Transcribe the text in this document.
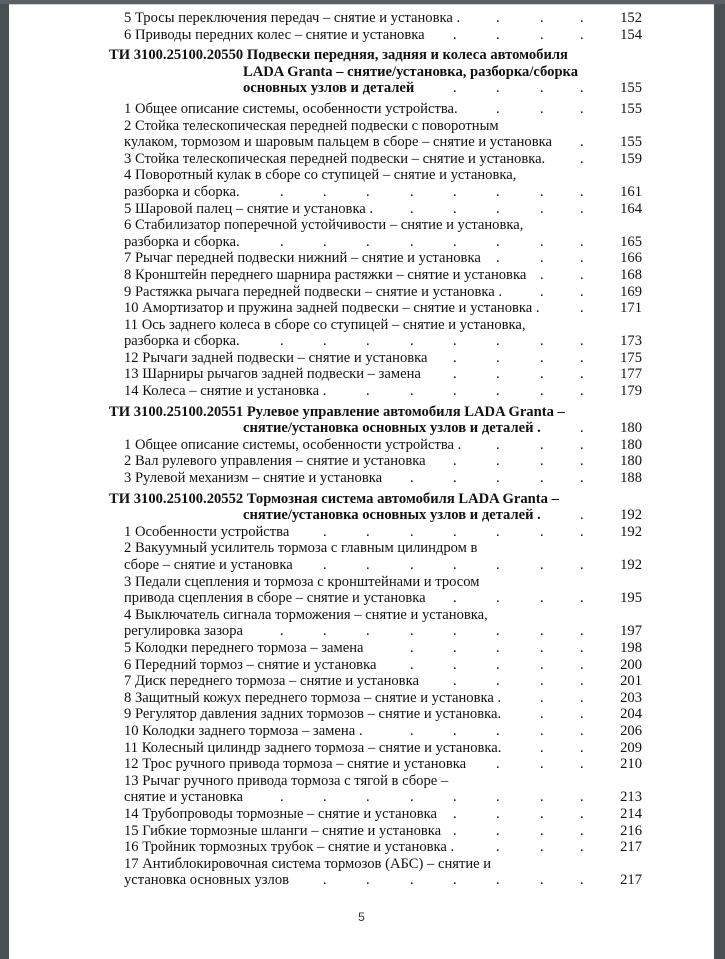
5 Тросы переключения передач – снятие и установка . .	. . 152
6 Приводы передних колес – снятие и установка .	.	. . 154
ТИ 3100.25100.20550 Подвески передняя, задняя и колеса автомобиля
LADA Granta – снятие/установка, разборка/сборка
основных узлов и деталей	.	.	. . 155
1 Общее описание системы, особенности устройства.	.	. . 155
2 Стойка телескопическая передней подвески с поворотным
кулаком, тормозом и шаровым пальцем в сборе – снятие и установка . 155
3 Стойка телескопическая передней подвески – снятие и установка. . 159
4 Поворотный кулак в сборе со ступицей – снятие и установка,
разборка и сборка.	.	.	.	.	.	.	. . 161
5 Шаровой палец – снятие и установка .	.	.	.	. . 164
6 Стабилизатор поперечной устойчивости – снятие и установка,
разборка и сборка.	.	.	.	.	.	.	. . 165
7 Рычаг передней подвески нижний – снятие и установка .	. . 166
8 Кронштейн переднего шарнира растяжки – снятие и установка . . 168
9 Растяжка рычага передней подвески – снятие и установка .	. . 169
10 Амортизатор и пружина задней подвески – снятие и установка .	. 171
11 Ось заднего колеса в сборе со ступицей – снятие и установка,
разборка и сборка.	.	.	.	.	.	.	. . 173
12 Рычаги задней подвески – снятие и установка .	.	. . 175
13 Шарниры рычагов задней подвески – замена .	.	. . 177
14 Колеса – снятие и установка .	.	.	.	.	. . 179
ТИ 3100.25100.20551 Рулевое управление автомобиля LADA Granta –
снятие/установка основных узлов и деталей .	. 180
1 Общее описание системы, особенности устройства . .	. . 180
2 Вал рулевого управления – снятие и установка .	.	. . 180
3 Рулевой механизм – снятие и установка .	.	.	. . 188
ТИ 3100.25100.20552 Тормозная система автомобиля LADA Granta –
снятие/установка основных узлов и деталей .	. 192
1 Особенности устройства .	.	.	.	.	. . 192
2 Вакуумный усилитель тормоза с главным цилиндром в
сборе – снятие и установка .	.	.	.	.	. . 192
3 Педали сцепления и тормоза с кронштейнами и тросом
привода сцепления в сборе – снятие и установка .	.	. . 195
4 Выключатель сигнала торможения – снятие и установка,
регулировка зазора	.	.	.	.	.	.	. . 197
5 Колодки переднего тормоза – замена	.	.	.	. . 198
6 Передний тормоз – снятие и установка .	.	.	. . 200
7 Диск переднего тормоза – снятие и установка .	.	. . 201
8 Защитный кожух переднего тормоза – снятие и установка .	. . 203
9 Регулятор давления задних тормозов – снятие и установка.	. . 204
10 Колодки заднего тормоза – замена .	.	.	.	. . 206
11 Колесный цилиндр заднего тормоза – снятие и установка.	. . 209
12 Трос ручного привода тормоза – снятие и установка .	. . 210
13 Рычаг ручного привода тормоза с тягой в сборе –
снятие и установка	.	.	.	.	.	.	. . 213
14 Трубопроводы тормозные – снятие и установка .	.	. . 214
15 Гибкие тормозные шланги – снятие и установка .	.	. . 216
16 Тройник тормозных трубок – снятие и установка .	.	. . 217
17 Антиблокировочная система тормозов (АБС) – снятие и
установка основных узлов .	.	.	.	.	. . 217
5
